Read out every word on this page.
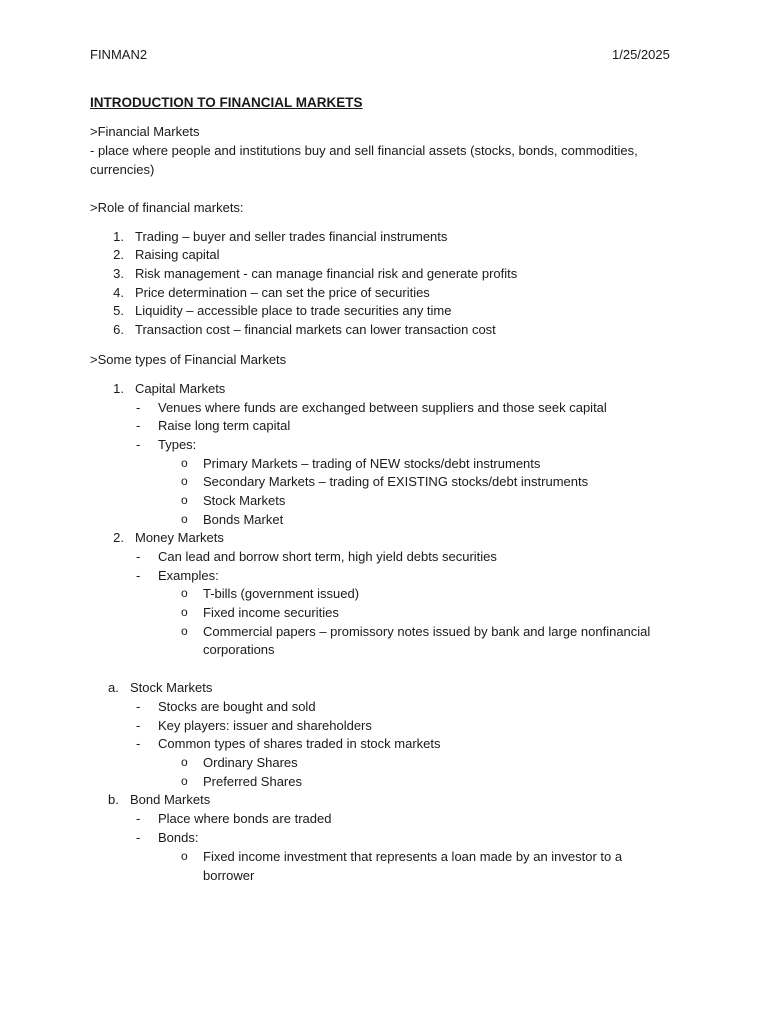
FINMAN2	1/25/2025
INTRODUCTION TO FINANCIAL MARKETS
>Financial Markets
- place where people and institutions buy and sell financial assets (stocks, bonds, commodities,
currencies)
>Role of financial markets:
1. Trading – buyer and seller trades financial instruments
2. Raising capital
3. Risk management - can manage financial risk and generate profits
4. Price determination – can set the price of securities
5. Liquidity – accessible place to trade securities any time
6. Transaction cost – financial markets can lower transaction cost
>Some types of Financial Markets
1. Capital Markets
- Venues where funds are exchanged between suppliers and those seek capital
- Raise long term capital
- Types:
o Primary Markets – trading of NEW stocks/debt instruments
o Secondary Markets – trading of EXISTING stocks/debt instruments
o Stock Markets
o Bonds Market
2. Money Markets
- Can lead and borrow short term, high yield debts securities
- Examples:
o T-bills (government issued)
o Fixed income securities
o Commercial papers – promissory notes issued by bank and large nonfinancial
corporations
a. Stock Markets
- Stocks are bought and sold
- Key players: issuer and shareholders
- Common types of shares traded in stock markets
o Ordinary Shares
o Preferred Shares
b. Bond Markets
- Place where bonds are traded
- Bonds:
o Fixed income investment that represents a loan made by an investor to a
borrower
